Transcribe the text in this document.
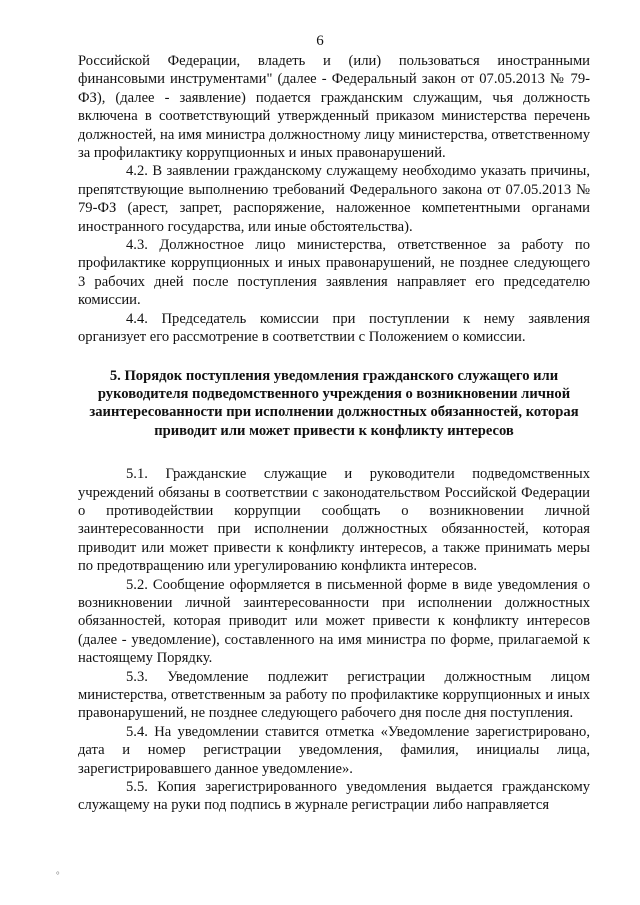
6

Российской Федерации, владеть и (или) пользоваться иностранными финансовыми инструментами" (далее - Федеральный закон от 07.05.2013 № 79-ФЗ), (далее - заявление) подается гражданским служащим, чья должность включена в соответствующий утвержденный приказом министерства перечень должностей, на имя министра должностному лицу министерства, ответственному за профилактику коррупционных и иных правонарушений.

4.2. В заявлении гражданскому служащему необходимо указать причины, препятствующие выполнению требований Федерального закона от 07.05.2013 № 79-ФЗ (арест, запрет, распоряжение, наложенное компетентными органами иностранного государства, или иные обстоятельства).

4.3. Должностное лицо министерства, ответственное за работу по профилактике коррупционных и иных правонарушений, не позднее следующего 3 рабочих дней после поступления заявления направляет его председателю комиссии.

4.4. Председатель комиссии при поступлении к нему заявления организует его рассмотрение в соответствии с Положением о комиссии.

5. Порядок поступления уведомления гражданского служащего или руководителя подведомственного учреждения о возникновении личной заинтересованности при исполнении должностных обязанностей, которая приводит или может привести к конфликту интересов

5.1. Гражданские служащие и руководители подведомственных учреждений обязаны в соответствии с законодательством Российской Федерации о противодействии коррупции сообщать о возникновении личной заинтересованности при исполнении должностных обязанностей, которая приводит или может привести к конфликту интересов, а также принимать меры по предотвращению или урегулированию конфликта интересов.

5.2. Сообщение оформляется в письменной форме в виде уведомления о возникновении личной заинтересованности при исполнении должностных обязанностей, которая приводит или может привести к конфликту интересов (далее - уведомление), составленного на имя министра по форме, прилагаемой к настоящему Порядку.

5.3. Уведомление подлежит регистрации должностным лицом министерства, ответственным за работу по профилактике коррупционных и иных правонарушений, не позднее следующего рабочего дня после дня поступления.

5.4. На уведомлении ставится отметка «Уведомление зарегистрировано, дата и номер регистрации уведомления, фамилия, инициалы лица, зарегистрировавшего данное уведомление».

5.5. Копия зарегистрированного уведомления выдается гражданскому служащему на руки под подпись в журнале регистрации либо направляется

°
